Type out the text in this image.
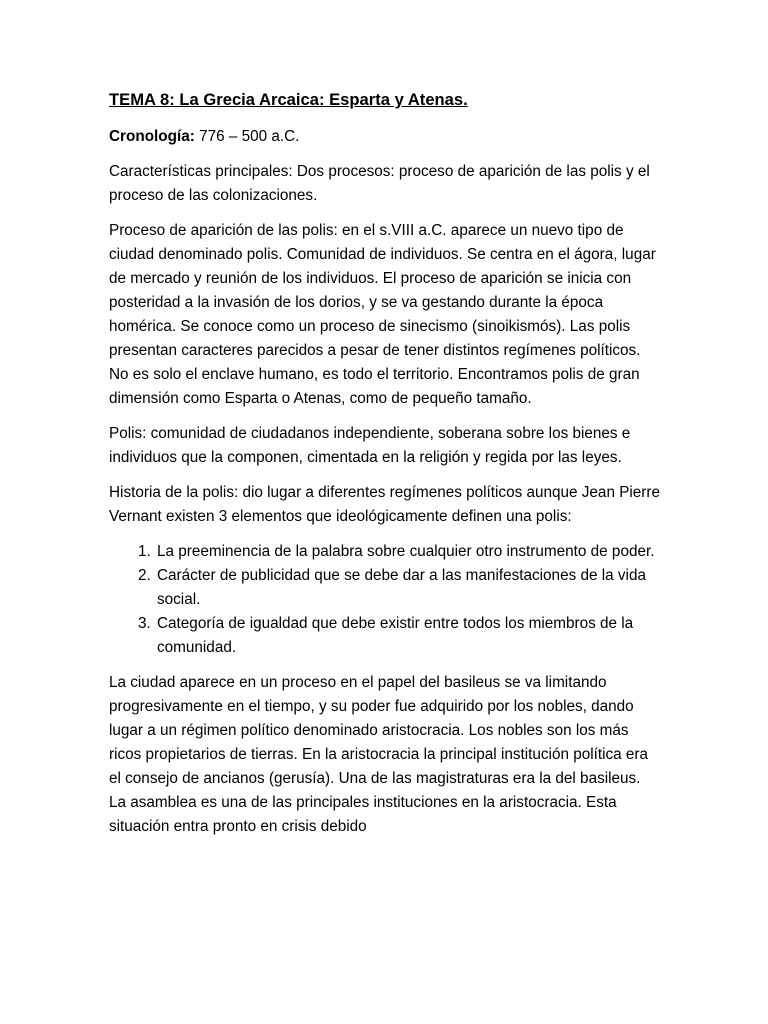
TEMA 8: La Grecia Arcaica: Esparta y Atenas.

Cronología: 776 – 500 a.C.

Características principales: Dos procesos: proceso de aparición de las polis y el proceso de las colonizaciones.

Proceso de aparición de las polis: en el s.VIII a.C. aparece un nuevo tipo de ciudad denominado polis. Comunidad de individuos. Se centra en el ágora, lugar de mercado y reunión de los individuos. El proceso de aparición se inicia con posteridad a la invasión de los dorios, y se va gestando durante la época homérica. Se conoce como un proceso de sinecismo (sinoikismós). Las polis presentan caracteres parecidos a pesar de tener distintos regímenes políticos. No es solo el enclave humano, es todo el territorio. Encontramos polis de gran dimensión como Esparta o Atenas, como de pequeño tamaño.

Polis: comunidad de ciudadanos independiente, soberana sobre los bienes e individuos que la componen, cimentada en la religión y regida por las leyes.

Historia de la polis: dio lugar a diferentes regímenes políticos aunque Jean Pierre Vernant existen 3 elementos que ideológicamente definen una polis:

1. La preeminencia de la palabra sobre cualquier otro instrumento de poder.
2. Carácter de publicidad que se debe dar a las manifestaciones de la vida social.
3. Categoría de igualdad que debe existir entre todos los miembros de la comunidad.

La ciudad aparece en un proceso en el papel del basileus se va limitando progresivamente en el tiempo, y su poder fue adquirido por los nobles, dando lugar a un régimen político denominado aristocracia. Los nobles son los más ricos propietarios de tierras. En la aristocracia la principal institución política era el consejo de ancianos (gerusía). Una de las magistraturas era la del basileus. La asamblea es una de las principales instituciones en la aristocracia. Esta situación entra pronto en crisis debido
